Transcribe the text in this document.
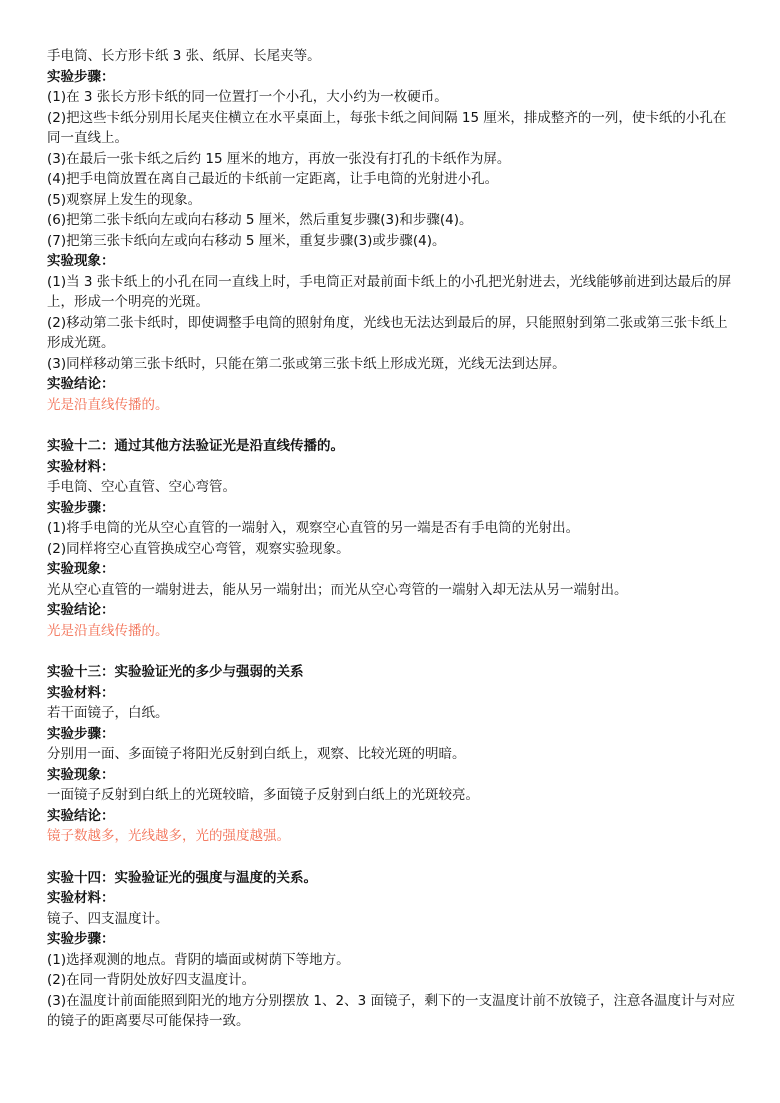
手电筒、长方形卡纸 3 张、纸屏、长尾夹等。

实验步骤：

(1)在 3 张长方形卡纸的同一位置打一个小孔，大小约为一枚硬币。

(2)把这些卡纸分别用长尾夹住横立在水平桌面上，每张卡纸之间间隔 15 厘米，排成整齐的一列，使卡纸的小孔在同一直线上。

(3)在最后一张卡纸之后约 15 厘米的地方，再放一张没有打孔的卡纸作为屏。

(4)把手电筒放置在离自己最近的卡纸前一定距离，让手电筒的光射进小孔。

(5)观察屏上发生的现象。

(6)把第二张卡纸向左或向右移动 5 厘米，然后重复步骤(3)和步骤(4)。

(7)把第三张卡纸向左或向右移动 5 厘米，重复步骤(3)或步骤(4)。

实验现象：

(1)当 3 张卡纸上的小孔在同一直线上时，手电筒正对最前面卡纸上的小孔把光射进去，光线能够前进到达最后的屏上，形成一个明亮的光斑。

(2)移动第二张卡纸时，即使调整手电筒的照射角度，光线也无法达到最后的屏，只能照射到第二张或第三张卡纸上形成光斑。

(3)同样移动第三张卡纸时，只能在第二张或第三张卡纸上形成光斑，光线无法到达屏。

实验结论：

光是沿直线传播的。

实验十二：通过其他方法验证光是沿直线传播的。

实验材料：

手电筒、空心直管、空心弯管。

实验步骤：

(1)将手电筒的光从空心直管的一端射入，观察空心直管的另一端是否有手电筒的光射出。

(2)同样将空心直管换成空心弯管，观察实验现象。

实验现象：

光从空心直管的一端射进去，能从另一端射出；而光从空心弯管的一端射入却无法从另一端射出。

实验结论：

光是沿直线传播的。

实验十三：实验验证光的多少与强弱的关系

实验材料：

若干面镜子，白纸。

实验步骤：

分别用一面、多面镜子将阳光反射到白纸上，观察、比较光斑的明暗。

实验现象：

一面镜子反射到白纸上的光斑较暗，多面镜子反射到白纸上的光斑较亮。

实验结论：

镜子数越多，光线越多，光的强度越强。

实验十四：实验验证光的强度与温度的关系。

实验材料：

镜子、四支温度计。

实验步骤：

(1)选择观测的地点。背阴的墙面或树荫下等地方。

(2)在同一背阴处放好四支温度计。

(3)在温度计前面能照到阳光的地方分别摆放 1、2、3 面镜子，剩下的一支温度计前不放镜子，注意各温度计与对应的镜子的距离要尽可能保持一致。
